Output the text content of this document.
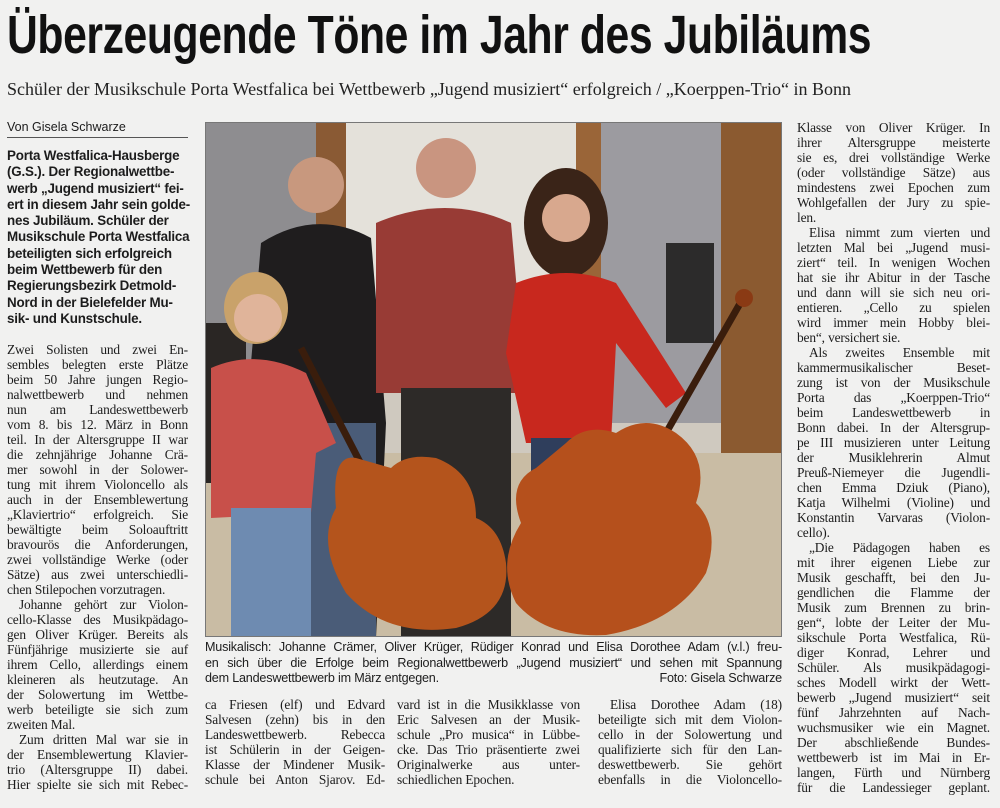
Überzeugende Töne im Jahr des Jubiläums
Schüler der Musikschule Porta Westfalica bei Wettbewerb „Jugend musiziert“ erfolgreich / „Koerppen-Trio“ in Bonn
Von Gisela Schwarze
Porta Westfalica-Hausberge
(G.S.). Der Regionalwettbe-
werb „Jugend musiziert“ fei-
ert in diesem Jahr sein golde-
nes Jubiläum. Schüler der
Musikschule Porta Westfalica
beteiligten sich erfolgreich
beim Wettbewerb für den
Regierungsbezirk Detmold-
Nord in der Bielefelder Mu-
sik- und Kunstschule.
Zwei Solisten und zwei En-
sembles belegten erste Plätze
beim 50 Jahre jungen Regio-
nalwettbewerb und nehmen
nun am Landeswettbewerb
vom 8. bis 12. März in Bonn
teil. In der Altersgruppe II war
die zehnjährige Johanne Crä-
mer sowohl in der Solower-
tung mit ihrem Violoncello als
auch in der Ensemblewertung
„Klaviertrio“ erfolgreich. Sie
bewältigte beim Soloauftritt
bravourös die Anforderungen,
zwei vollständige Werke (oder
Sätze) aus zwei unterschiedli-
chen Stilepochen vorzutragen.
Johanne gehört zur Violon-
cello-Klasse des Musikpädago-
gen Oliver Krüger. Bereits als
Fünfjährige musizierte sie auf
ihrem Cello, allerdings einem
kleineren als heutzutage. An
der Solowertung im Wettbe-
werb beteiligte sie sich zum
zweiten Mal.
Zum dritten Mal war sie in
der Ensemblewertung Klavier-
trio (Altersgruppe II) dabei.
Hier spielte sie sich mit Rebec-
Klasse von Oliver Krüger. In
ihrer Altersgruppe meisterte
sie es, drei vollständige Werke
(oder vollständige Sätze) aus
mindestens zwei Epochen zum
Wohlgefallen der Jury zu spie-
len.
Elisa nimmt zum vierten und
letzten Mal bei „Jugend musi-
ziert“ teil. In wenigen Wochen
hat sie ihr Abitur in der Tasche
und dann will sie sich neu ori-
entieren. „Cello zu spielen
wird immer mein Hobby blei-
ben“, versichert sie.
Als zweites Ensemble mit
kammermusikalischer Beset-
zung ist von der Musikschule
Porta das „Koerppen-Trio“
beim Landeswettbewerb in
Bonn dabei. In der Altersgrup-
pe III musizieren unter Leitung
der Musiklehrerin Almut
Preuß-Niemeyer die Jugendli-
chen Emma Dziuk (Piano),
Katja Wilhelmi (Violine) und
Konstantin Varvaras (Violon-
cello).
„Die Pädagogen haben es
mit ihrer eigenen Liebe zur
Musik geschafft, bei den Ju-
gendlichen die Flamme der
Musik zum Brennen zu brin-
gen“, lobte der Leiter der Mu-
sikschule Porta Westfalica, Rü-
diger Konrad, Lehrer und
Schüler. Als musikpädagogi-
sches Modell wirkt der Wett-
bewerb „Jugend musiziert“ seit
fünf Jahrzehnten auf Nach-
wuchsmusiker wie ein Magnet.
Der abschließende Bundes-
wettbewerb ist im Mai in Er-
langen, Fürth und Nürnberg
für die Landessieger geplant.
ca Friesen (elf) und Edvard
Salvesen (zehn) bis in den
Landeswettbewerb. Rebecca
ist Schülerin in der Geigen-
Klasse der Mindener Musik-
schule bei Anton Sjarov. Ed-
vard ist in die Musikklasse von
Eric Salvesen an der Musik-
schule „Pro musica“ in Lübbe-
cke. Das Trio präsentierte zwei
Originalwerke aus unter-
schiedlichen Epochen.
Elisa Dorothee Adam (18)
beteiligte sich mit dem Violon-
cello in der Solowertung und
qualifizierte sich für den Lan-
deswettbewerb. Sie gehört
ebenfalls in die Violoncello-
Musikalisch: Johanne Crämer, Oliver Krüger, Rüdiger Konrad und Elisa Dorothee Adam (v.l.) freu-
en sich über die Erfolge beim Regionalwettbewerb „Jugend musiziert“ und sehen mit Spannung
dem Landeswettbewerb im März entgegen.	Foto: Gisela Schwarze
